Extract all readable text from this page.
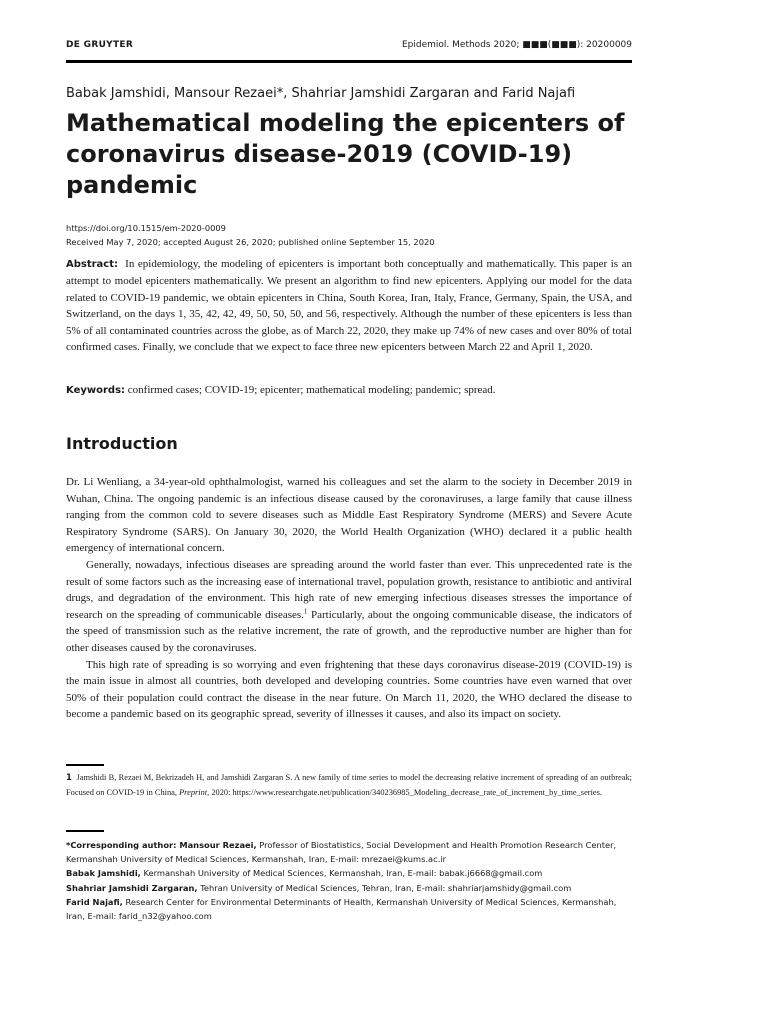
DE GRUYTER	Epidemiol. Methods 2020; ■■■(■■■): 20200009
Babak Jamshidi, Mansour Rezaei*, Shahriar Jamshidi Zargaran and Farid Najafi
Mathematical modeling the epicenters of coronavirus disease-2019 (COVID-19) pandemic
https://doi.org/10.1515/em-2020-0009
Received May 7, 2020; accepted August 26, 2020; published online September 15, 2020

Abstract: In epidemiology, the modeling of epicenters is important both conceptually and mathematically. This paper is an attempt to model epicenters mathematically. We present an algorithm to find new epicenters. Applying our model for the data related to COVID-19 pandemic, we obtain epicenters in China, South Korea, Iran, Italy, France, Germany, Spain, the USA, and Switzerland, on the days 1, 35, 42, 42, 49, 50, 50, 50, and 56, respectively. Although the number of these epicenters is less than 5% of all contaminated countries across the globe, as of March 22, 2020, they make up 74% of new cases and over 80% of total confirmed cases. Finally, we conclude that we expect to face three new epicenters between March 22 and April 1, 2020.

Keywords: confirmed cases; COVID-19; epicenter; mathematical modeling; pandemic; spread.

Introduction

Dr. Li Wenliang, a 34-year-old ophthalmologist, warned his colleagues and set the alarm to the society in December 2019 in Wuhan, China. The ongoing pandemic is an infectious disease caused by the coronaviruses, a large family that cause illness ranging from the common cold to severe diseases such as Middle East Respiratory Syndrome (MERS) and Severe Acute Respiratory Syndrome (SARS). On January 30, 2020, the World Health Organization (WHO) declared it a public health emergency of international concern.

Generally, nowadays, infectious diseases are spreading around the world faster than ever. This unprecedented rate is the result of some factors such as the increasing ease of international travel, population growth, resistance to antibiotic and antiviral drugs, and degradation of the environment. This high rate of new emerging infectious diseases stresses the importance of research on the spreading of communicable diseases.$^1$ Particularly, about the ongoing communicable disease, the indicators of the speed of transmission such as the relative increment, the rate of growth, and the reproductive number are higher than for other diseases caused by the coronaviruses.

This high rate of spreading is so worrying and even frightening that these days coronavirus disease-2019 (COVID-19) is the main issue in almost all countries, both developed and developing countries. Some countries have even warned that over 50% of their population could contract the disease in the near future. On March 11, 2020, the WHO declared the disease to become a pandemic based on its geographic spread, severity of illnesses it causes, and also its impact on society.

1 Jamshidi B, Rezaei M, Bekrizadeh H, and Jamshidi Zargaran S. A new family of time series to model the decreasing relative increment of spreading of an outbreak; Focused on COVID-19 in China, Preprint, 2020: https://www.researchgate.net/publication/340236985_Modeling_decrease_rate_of_increment_by_time_series.

*Corresponding author: Mansour Rezaei, Professor of Biostatistics, Social Development and Health Promotion Research Center, Kermanshah University of Medical Sciences, Kermanshah, Iran, E-mail: mrezaei@kums.ac.ir

Babak Jamshidi, Kermanshah University of Medical Sciences, Kermanshah, Iran, E-mail: babak.j6668@gmail.com

Shahriar Jamshidi Zargaran, Tehran University of Medical Sciences, Tehran, Iran, E-mail: shahriarjamshidy@gmail.com

Farid Najafi, Research Center for Environmental Determinants of Health, Kermanshah University of Medical Sciences, Kermanshah, Iran, E-mail: farid_n32@yahoo.com
